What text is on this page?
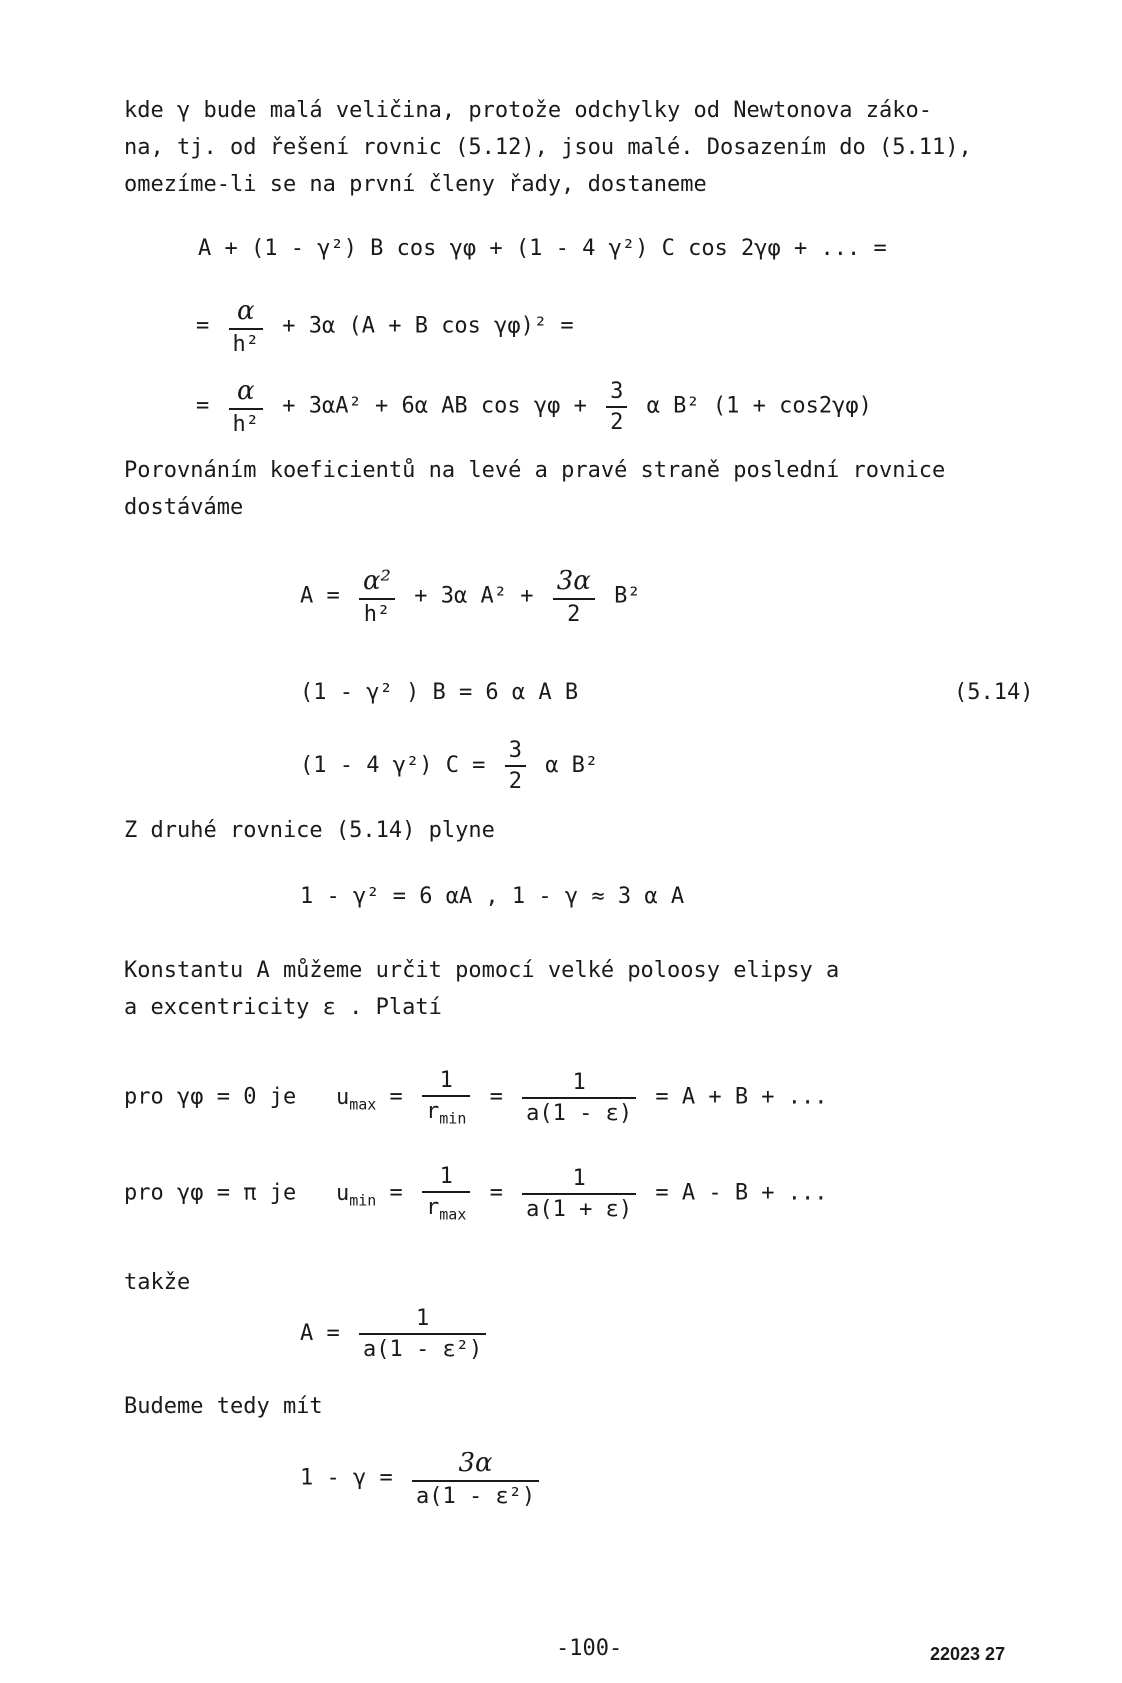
kde γ bude malá veličina, protože odchylky od Newtonova záko-
na, tj. od řešení rovnic (5.12), jsou malé. Dosazením do (5.11),
omezíme-li se na první členy řady, dostaneme
A + (1 - γ²) B cos γφ + (1 - 4 γ²) C cos 2γφ + ... =
= $\frac{\alpha}{\text{h²}} + 3\alpha$ (A + B cos γφ)² =
= $\frac{\alpha}{\text{h²}} + 3\alpha A^2 + 6\alpha$ AB $\cos \gamma\varphi + \frac{3}{2}$ α B² (1 + cos2γφ)
Porovnáním koeficientů na levé a pravé straně poslední rovnice
dostáváme
$A = \frac{\text{α²}}{\text{h²}} + 3\alpha$ $A^2 + \frac{3\alpha}{2} B^2$
(1 - γ² ) B = 6 α A B	(5.14)
(1 - 4 γ²) $C = \frac{3}{2}$ α B²
Z druhé rovnice (5.14) plyne
1 - γ² = 6 αA , 1 - γ ≈ 3 α A
Konstantu A můžeme určit pomocí velké poloosy elipsy a
a excentricity ε . Platí
pro γφ = 0 je $u_{max} = \frac{1}{r_{min}} = \frac{1}{a(1 - \varepsilon)} = A + B$ + ...
pro γφ = π je $u_{min} = \frac{1}{r_{max}} = \frac{1}{a(1 + \varepsilon)} = A - B$ + ...
takže
$A = \frac{1}{\text{a(1 - ε²)}}$
Budeme tedy mít
$1 - \gamma = \frac{3\alpha}{\text{a(1 - ε²)}}$
-100-	22023 27
